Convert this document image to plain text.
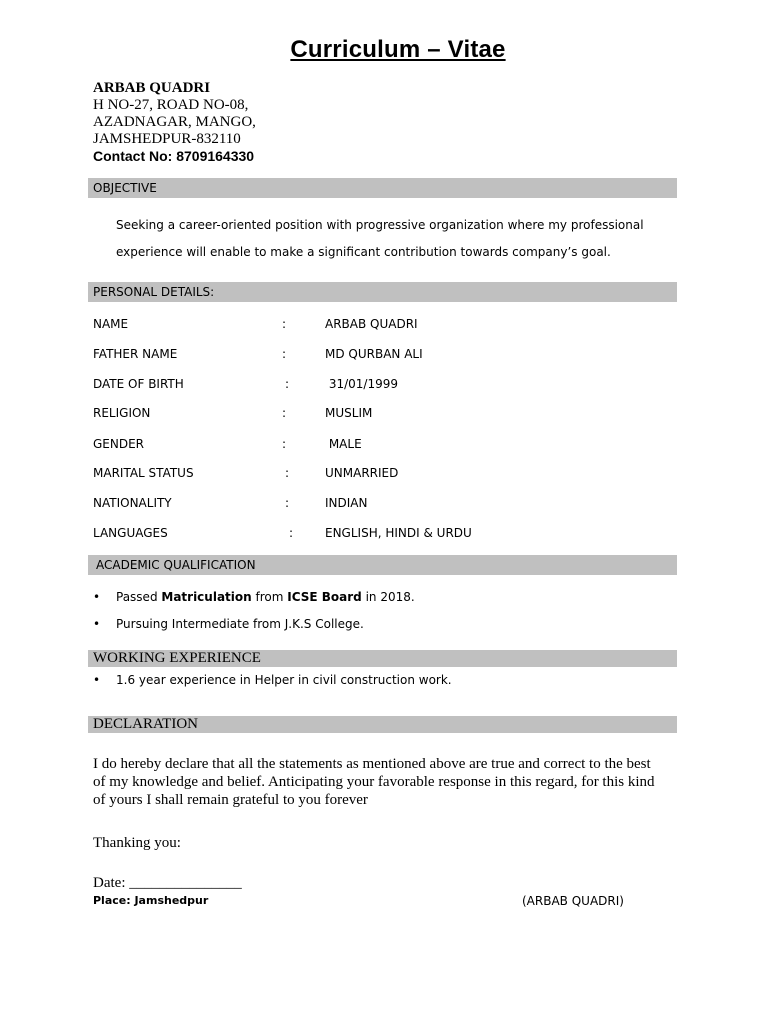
Curriculum – Vitae
ARBAB QUADRI
H NO-27, ROAD NO-08,
AZADNAGAR, MANGO,
JAMSHEDPUR-832110
Contact No: 8709164330
OBJECTIVE
Seeking a career-oriented position with progressive organization where my professional
experience will enable to make a significant contribution towards company’s goal.
PERSONAL DETAILS:
NAME	:	ARBAB QUADRI
FATHER NAME	:	MD QURBAN ALI
DATE OF BIRTH	:	31/01/1999
RELIGION	:	MUSLIM
GENDER	:	MALE
MARITAL STATUS	:	UNMARRIED
NATIONALITY	:	INDIAN
LANGUAGES	:	ENGLISH, HINDI & URDU
ACADEMIC QUALIFICATION
• Passed Matriculation from ICSE Board in 2018.
• Pursuing Intermediate from J.K.S College.
WORKING EXPERIENCE
• 1.6 year experience in Helper in civil construction work.
DECLARATION
I do hereby declare that all the statements as mentioned above are true and correct to the best
of my knowledge and belief. Anticipating your favorable response in this regard, for this kind
of yours I shall remain grateful to you forever
Thanking you:
Date: _______________
Place: Jamshedpur	(ARBAB QUADRI)
